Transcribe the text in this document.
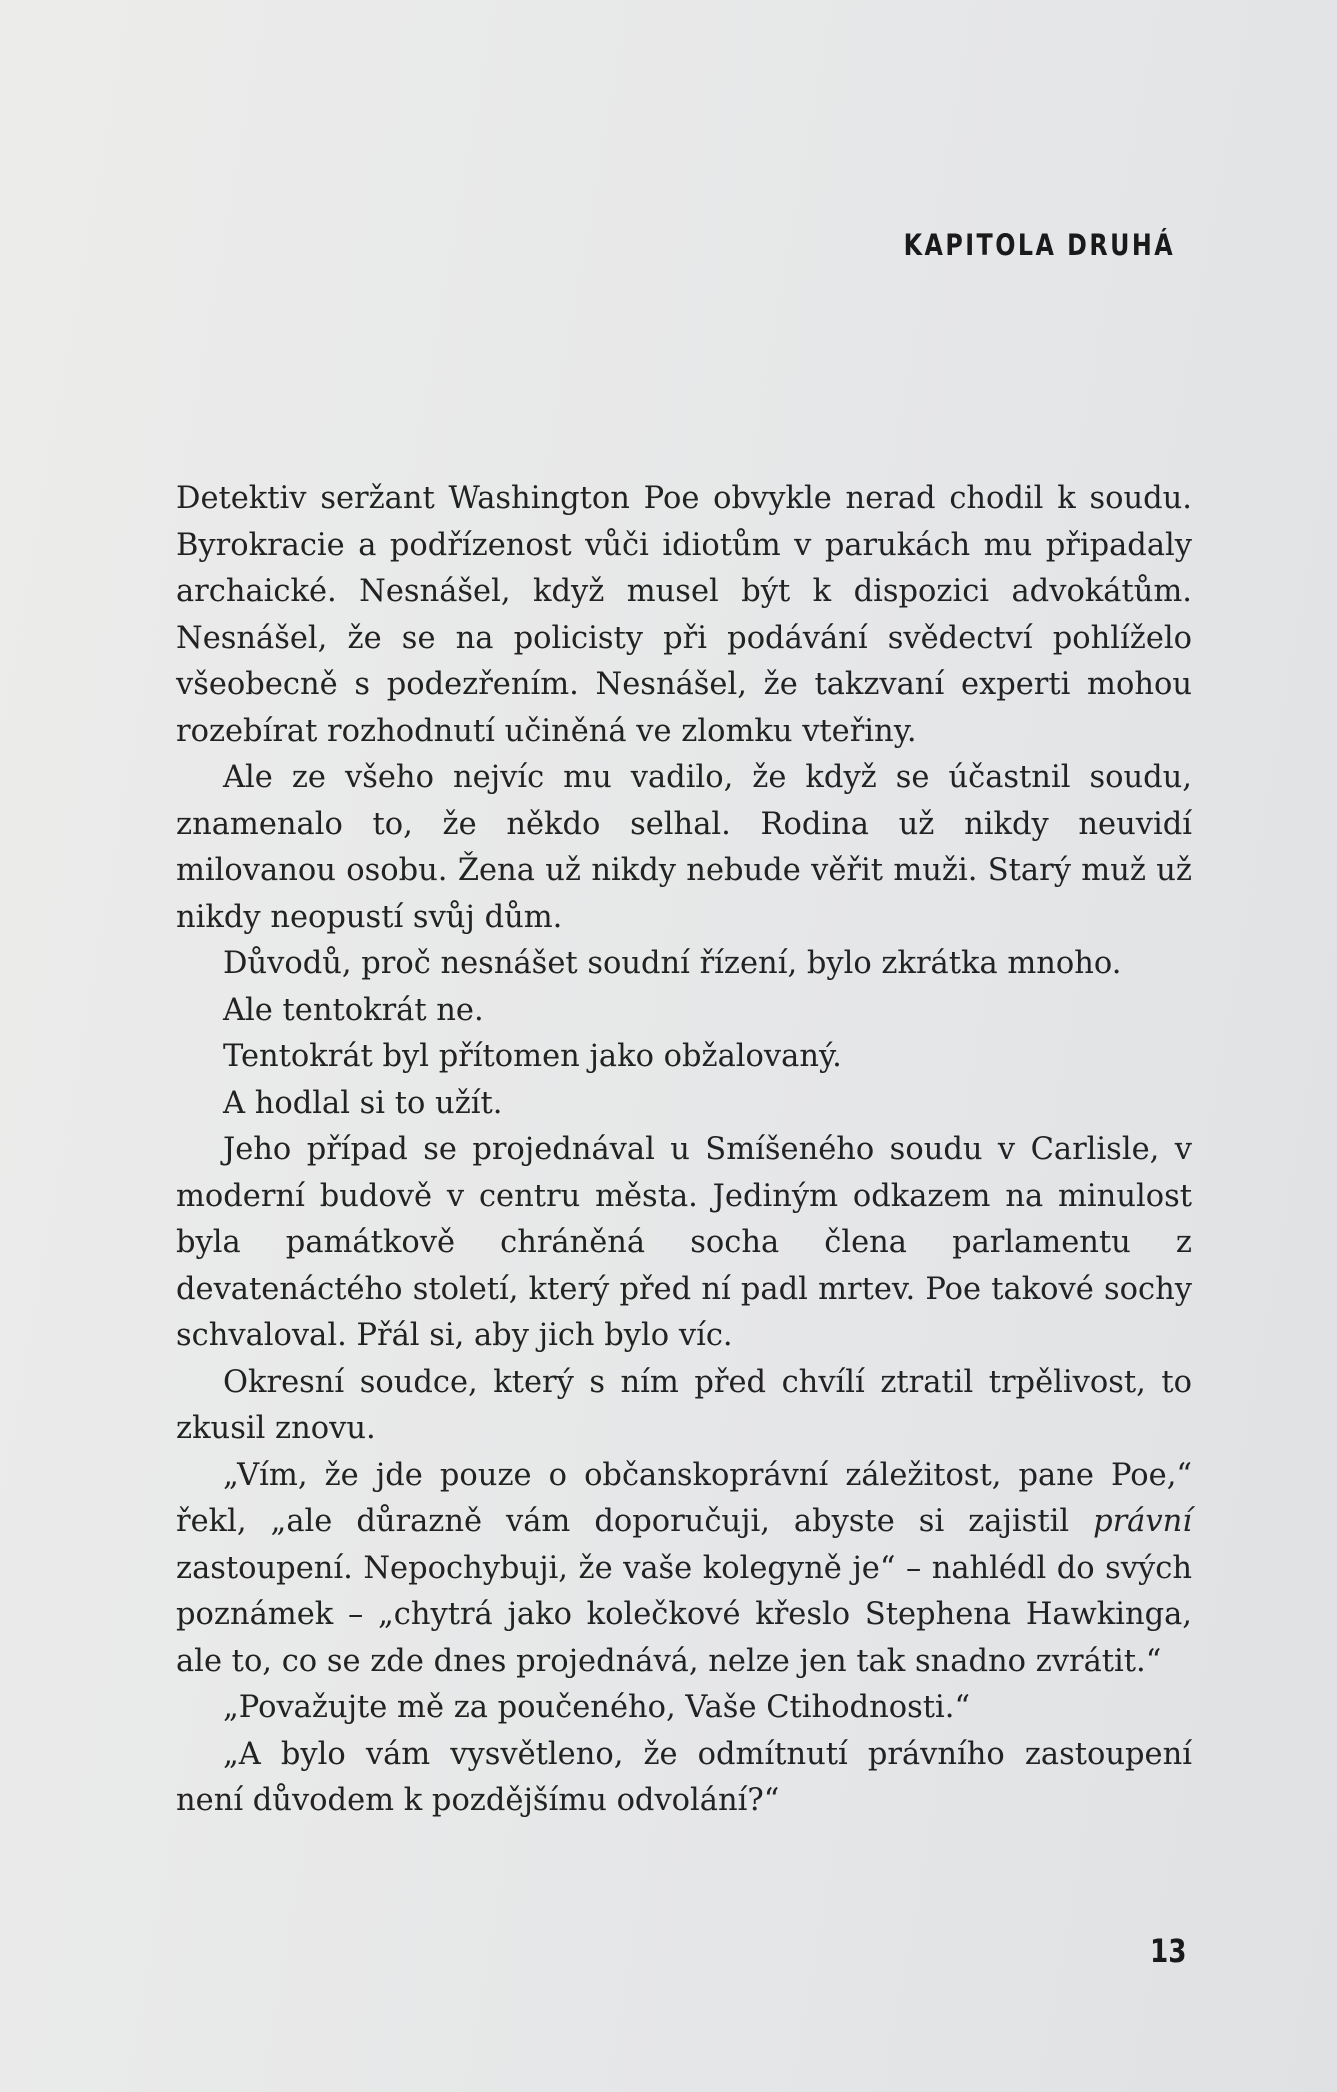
KAPITOLA DRUHÁ

Detektiv seržant Washington Poe obvykle nerad chodil k soudu. Byrokracie a podřízenost vůči idiotům v parukách mu připadaly archaické. Nesnášel, když musel být k dispozici advokátům. Nesnášel, že se na policisty při podávání svědectví pohlíželo všeobecně s podezřením. Nesnášel, že takzvaní experti mohou rozebírat rozhodnutí učiněná ve zlomku vteřiny.

Ale ze všeho nejvíc mu vadilo, že když se účastnil soudu, znamenalo to, že někdo selhal. Rodina už nikdy neuvidí milovanou osobu. Žena už nikdy nebude věřit muži. Starý muž už nikdy neopustí svůj dům.

Důvodů, proč nesnášet soudní řízení, bylo zkrátka mnoho.

Ale tentokrát ne.

Tentokrát byl přítomen jako obžalovaný.

A hodlal si to užít.

Jeho případ se projednával u Smíšeného soudu v Carlisle, v moderní budově v centru města. Jediným odkazem na minulost byla památkově chráněná socha člena parlamentu z devatenáctého století, který před ní padl mrtev. Poe takové sochy schvaloval. Přál si, aby jich bylo víc.

Okresní soudce, který s ním před chvílí ztratil trpělivost, to zkusil znovu.

„Vím, že jde pouze o občanskoprávní záležitost, pane Poe,“ řekl, „ale důrazně vám doporučuji, abyste si zajistil právní zastoupení. Nepochybuji, že vaše kolegyně je“ – nahlédl do svých poznámek – „chytrá jako kolečkové křeslo Stephena Hawkinga, ale to, co se zde dnes projednává, nelze jen tak snadno zvrátit.“

„Považujte mě za poučeného, Vaše Ctihodnosti.“

„A bylo vám vysvětleno, že odmítnutí právního zastoupení není důvodem k pozdějšímu odvolání?“

13
